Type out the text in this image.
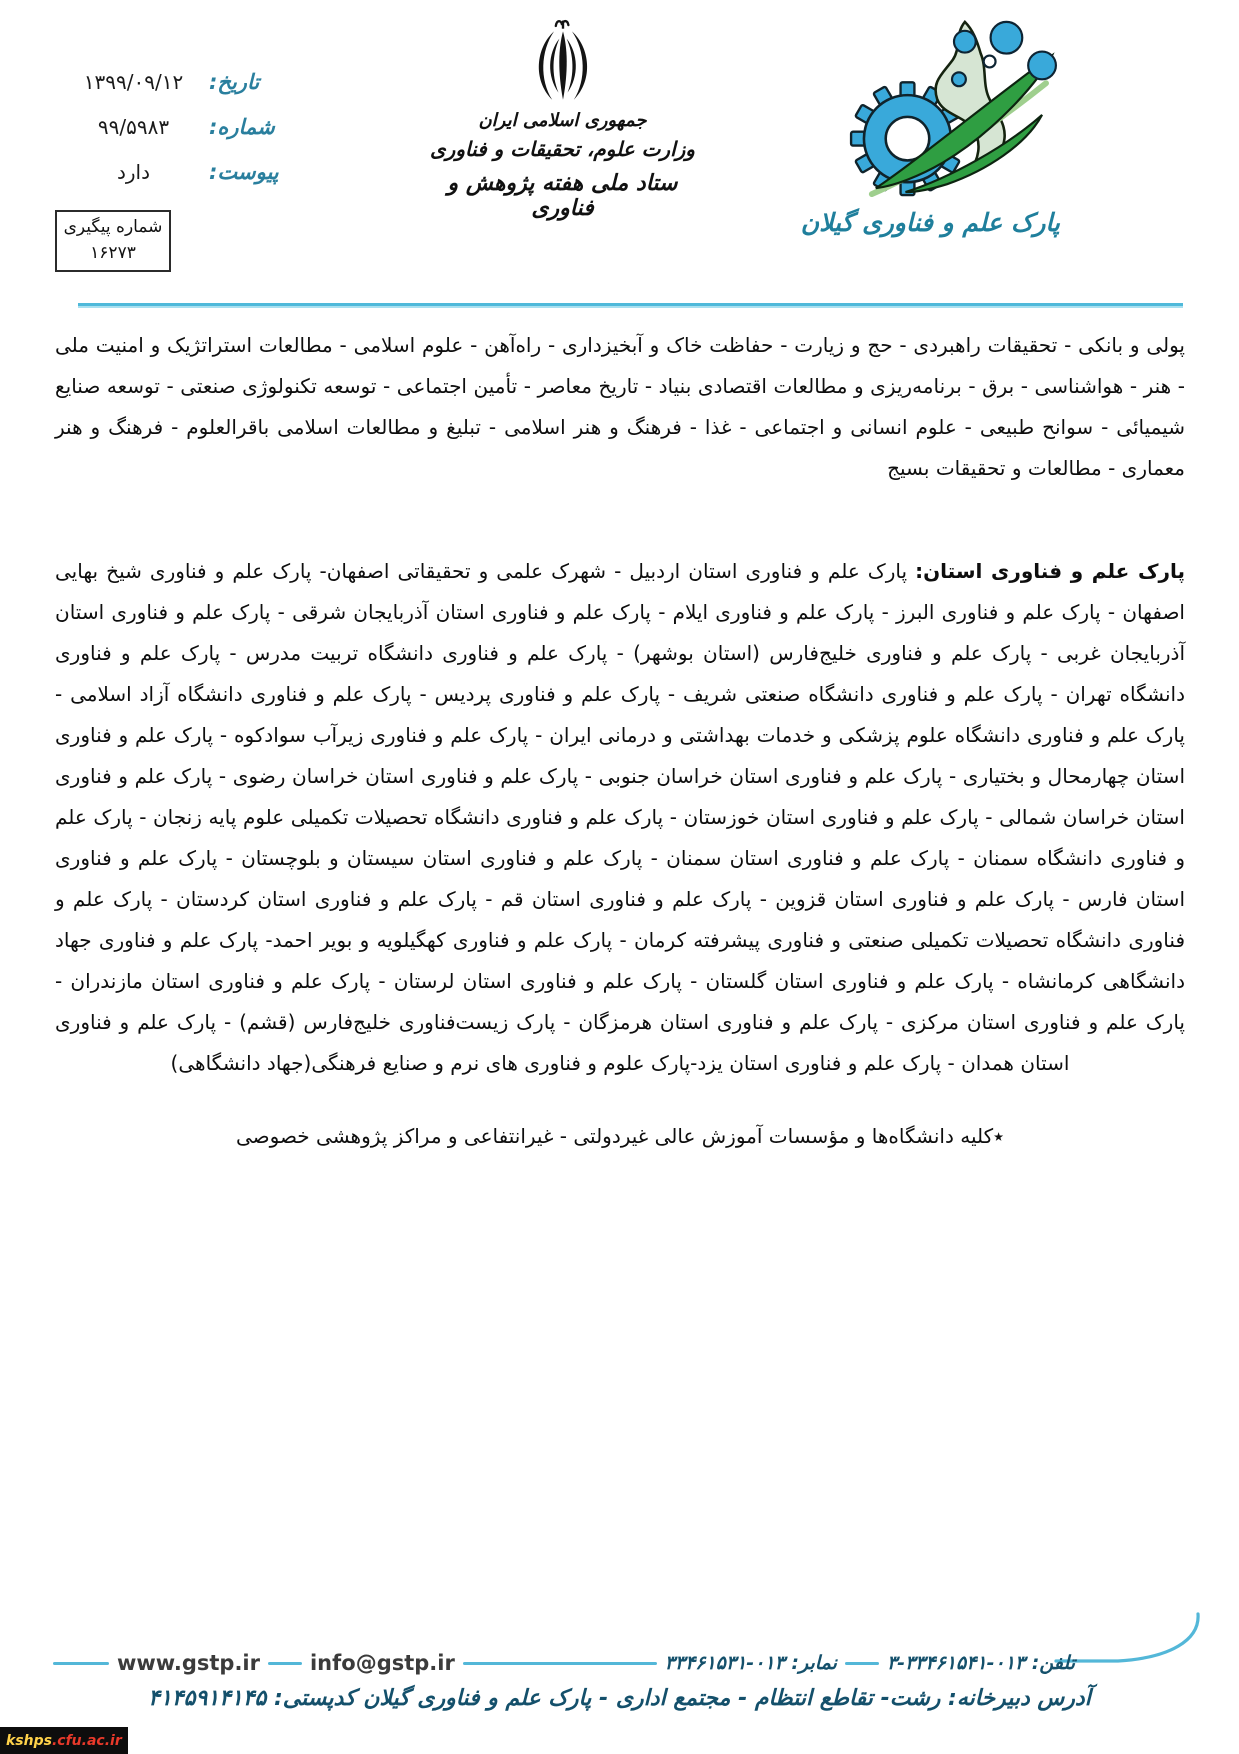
تاریخ:
۱۳۹۹/۰۹/۱۲
شماره:
۹۹/۵۹۸۳
پیوست:
دارد
شماره پیگیری
۱۶۲۷۳
جمهوری اسلامی ایران
وزارت علوم، تحقیقات و فناوری
ستاد ملی هفته پژوهش و فناوری	پارک علم و فناوری گیلان

پولی و بانکی - تحقیقات راهبردی - حج و زیارت - حفاظت خاک و آبخیزداری - راه‌آهن - علوم اسلامی - مطالعات استراتژیک و امنیت ملی - هنر - هواشناسی - برق - برنامه‌ریزی و مطالعات اقتصادی بنیاد - تاریخ معاصر - تأمین اجتماعی - توسعه تکنولوژی صنعتی - توسعه صنایع شیمیائی - سوانح طبیعی - علوم انسانی و اجتماعی - غذا - فرهنگ و هنر اسلامی - تبلیغ و مطالعات اسلامی باقرالعلوم - فرهنگ و هنر معماری - مطالعات و تحقیقات بسیج

پارک علم و فناوری استان: پارک علم و فناوری استان اردبیل - شهرک علمی و تحقیقاتی اصفهان- پارک علم و فناوری شیخ بهایی اصفهان - پارک علم و فناوری البرز - پارک علم و فناوری ایلام - پارک علم و فناوری استان آذربایجان شرقی - پارک علم و فناوری استان آذربایجان غربی - پارک علم و فناوری خلیج‌فارس (استان بوشهر) - پارک علم و فناوری دانشگاه تربیت مدرس - پارک علم و فناوری دانشگاه تهران - پارک علم و فناوری دانشگاه صنعتی شریف - پارک علم و فناوری پردیس - پارک علم و فناوری دانشگاه آزاد اسلامی - پارک علم و فناوری دانشگاه علوم پزشکی و خدمات بهداشتی و درمانی ایران - پارک علم و فناوری زیرآب سوادکوه - پارک علم و فناوری استان چهارمحال و بختیاری - پارک علم و فناوری استان خراسان جنوبی - پارک علم و فناوری استان خراسان رضوی - پارک علم و فناوری استان خراسان شمالی - پارک علم و فناوری استان خوزستان - پارک علم و فناوری دانشگاه تحصیلات تکمیلی علوم پایه زنجان - پارک علم و فناوری دانشگاه سمنان - پارک علم و فناوری استان سمنان - پارک علم و فناوری استان سیستان و بلوچستان - پارک علم و فناوری استان فارس - پارک علم و فناوری استان قزوین - پارک علم و فناوری استان قم - پارک علم و فناوری استان کردستان - پارک علم و فناوری دانشگاه تحصیلات تکمیلی صنعتی و فناوری پیشرفته کرمان - پارک علم و فناوری کهگیلویه و بویر احمد- پارک علم و فناوری جهاد دانشگاهی کرمانشاه - پارک علم و فناوری استان گلستان - پارک علم و فناوری استان لرستان - پارک علم و فناوری استان مازندران - پارک علم و فناوری استان مرکزی - پارک علم و فناوری استان هرمزگان - پارک زیست‌فناوری خلیج‌فارس (قشم) - پارک علم و فناوری استان همدان - پارک علم و فناوری استان یزد-پارک علوم و فناوری های نرم و صنایع فرهنگی(جهاد دانشگاهی)

٭کلیه دانشگاه‌ها و مؤسسات آموزش عالی غیردولتی - غیرانتفاعی و مراکز پژوهشی خصوصی

تلفن: ۰۱۳-۳۳۴۶۱۵۴۱-۳
نمابر: ۰۱۳-۳۳۴۶۱۵۳۱
info@gstp.ir
www.gstp.ir
آدرس دبیرخانه: رشت- تقاطع انتظام - مجتمع اداری - پارک علم و فناوری گیلان کدپستی: ۴۱۴۵۹۱۴۱۴۵
kshps .cfu.ac.ir
